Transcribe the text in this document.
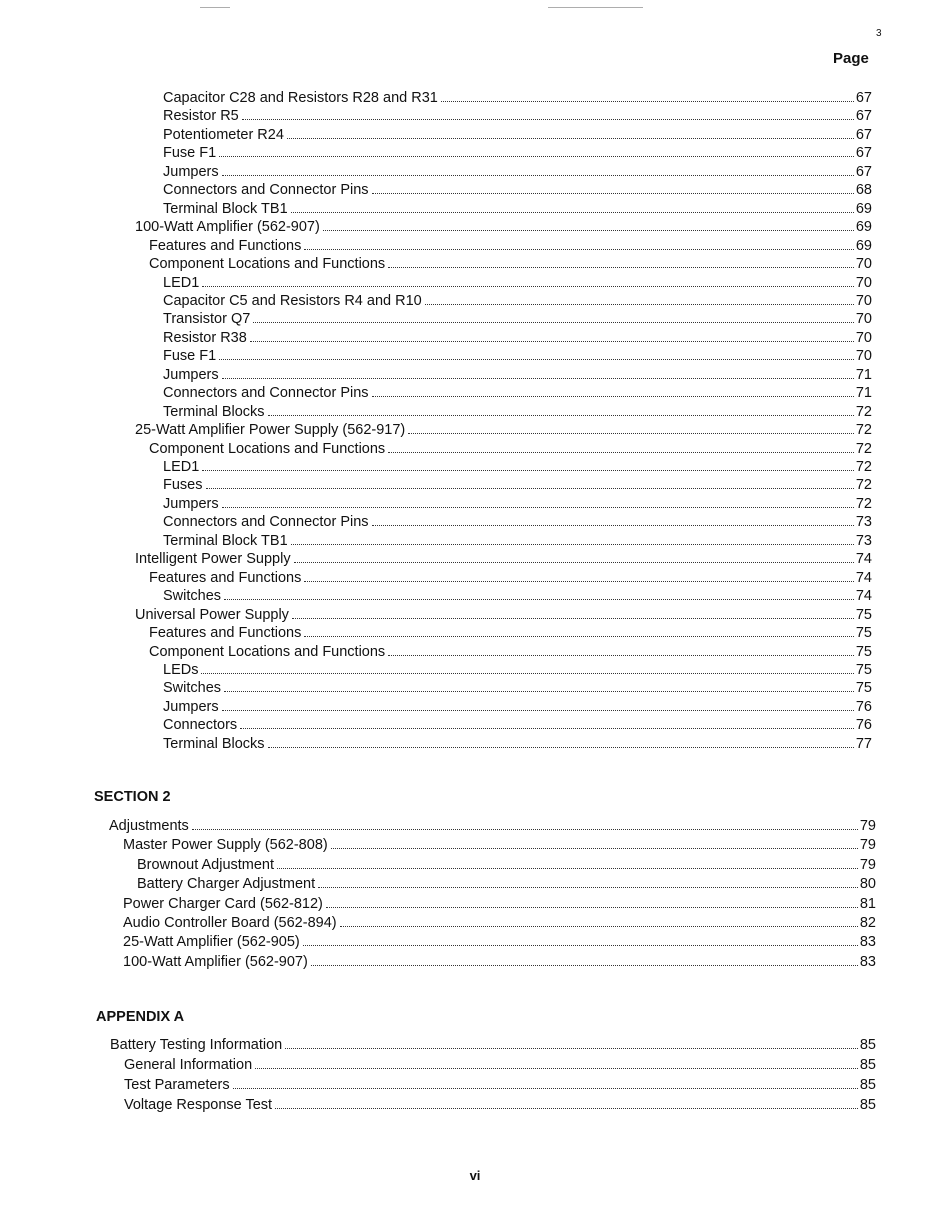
3
Page
Capacitor C28 and Resistors R28 and R31	67
Resistor R5	67
Potentiometer R24	67
Fuse F1	67
Jumpers	67
Connectors and Connector Pins	68
Terminal Block TB1	69
100-Watt Amplifier (562-907)	69
Features and Functions	69
Component Locations and Functions	70
LED1	70
Capacitor C5 and Resistors R4 and R10	70
Transistor Q7	70
Resistor R38	70
Fuse F1	70
Jumpers	71
Connectors and Connector Pins	71
Terminal Blocks	72
25-Watt Amplifier Power Supply (562-917)	72
Component Locations and Functions	72
LED1	72
Fuses	72
Jumpers	72
Connectors and Connector Pins	73
Terminal Block TB1	73
Intelligent Power Supply	74
Features and Functions	74
Switches	74
Universal Power Supply	75
Features and Functions	75
Component Locations and Functions	75
LEDs	75
Switches	75
Jumpers	76
Connectors	76
Terminal Blocks	77
SECTION 2
Adjustments	79
Master Power Supply (562-808)	79
Brownout Adjustment	79
Battery Charger Adjustment	80
Power Charger Card (562-812)	81
Audio Controller Board (562-894)	82
25-Watt Amplifier (562-905)	83
100-Watt Amplifier (562-907)	83
APPENDIX A
Battery Testing Information	85
General Information	85
Test Parameters	85
Voltage Response Test	85
vi
